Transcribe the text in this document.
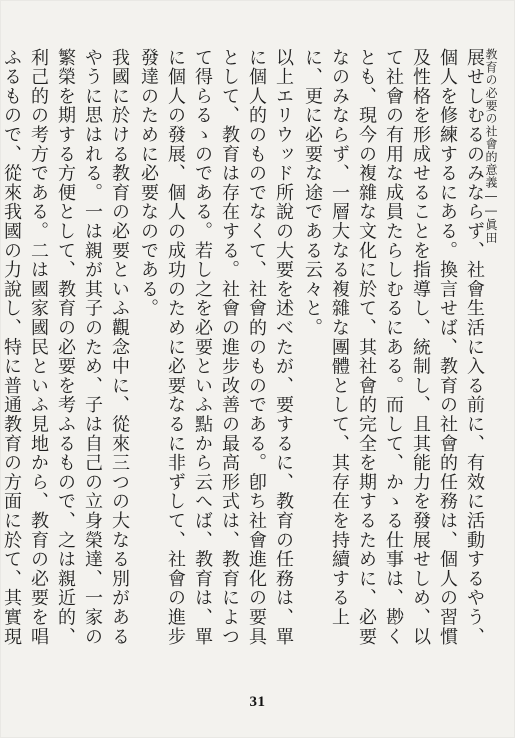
教育の必要の社會的意義――眞田

展せしむるのみならず、社會生活に入る前に、有效に活動するやう、個人を修練するにある。換言せば、教育の社會的任務は、個人の習慣及性格を形成せることを指導し、統制し、且其能力を發展せしめ、以て社會の有用な成員たらしむるにある。而して、かゝる仕事は、尠くとも、現今の複雜な文化に於て、其社會的完全を期するために、必要なのみならず、一層大なる複雜な團體として、其存在を持續する上に、更に必要な途である云々と。

以上エリウッド所說の大要を述べたが、要するに、教育の任務は、單に個人的のものでなくて、社會的のものである。卽ち社會進化の要具として、教育は存在する。社會の進步改善の最高形式は、教育によつて得らるゝのである。若し之を必要といふ點から云へば、教育は、單に個人の發展、個人の成功のために必要なるに非ずして、社會の進步發達のために必要なのである。

我國に於ける教育の必要といふ觀念中に、從來三つの大なる別があるやうに思はれる。一は親が其子のため、子は自己の立身榮達、一家の繁榮を期する方便として、教育の必要を考ふるもので、之は親近的、利己的の考方である。二は國家國民といふ見地から、教育の必要を唱ふるもので、從來我國の力說し、特に普通教育の方面に於て、其實現

31
